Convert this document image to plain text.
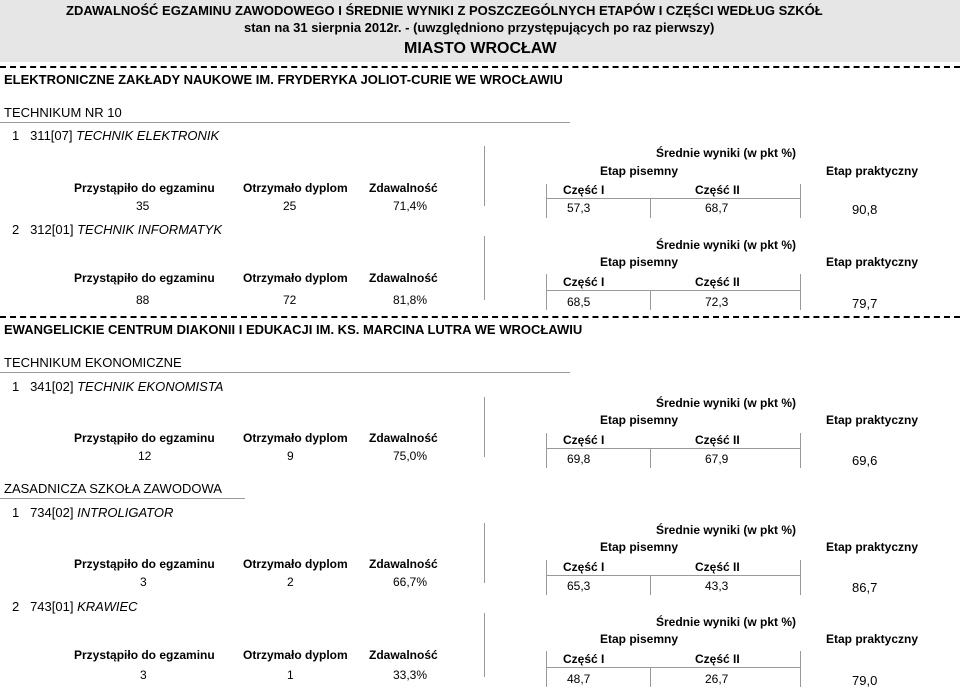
ZDAWALNOŚĆ EGZAMINU ZAWODOWEGO I ŚREDNIE WYNIKI Z POSZCZEGÓLNYCH ETAPÓW I CZĘŚCI WEDŁUG SZKÓŁ
stan na 31 sierpnia 2012r. - (uwzględniono przystępujących po raz pierwszy)
MIASTO WROCŁAW
ELEKTRONICZNE ZAKŁADY NAUKOWE IM. FRYDERYKA JOLIOT-CURIE WE WROCŁAWIU
TECHNIKUM NR 10
EWANGELICKIE CENTRUM DIAKONII I EDUKACJI IM. KS. MARCINA LUTRA WE WROCŁAWIU
TECHNIKUM EKONOMICZNE
ZASADNICZA SZKOŁA ZAWODOWA
1 311[07] TECHNIK ELEKTRONIK
Średnie wyniki (w pkt %)
Etap pisemny	Etap praktyczny
Przystąpiło do egzaminu Otrzymało dyplom Zdawalność	Część I	Część II
35	25	71,4%	57,3	68,7	90,8
2 312[01] TECHNIK INFORMATYK
Średnie wyniki (w pkt %)
Etap pisemny	Etap praktyczny
Przystąpiło do egzaminu Otrzymało dyplom Zdawalność	Część I	Część II
88	72	81,8%	68,5	72,3	79,7
1 341[02] TECHNIK EKONOMISTA
Średnie wyniki (w pkt %)
Etap pisemny	Etap praktyczny
Przystąpiło do egzaminu Otrzymało dyplom Zdawalność	Część I	Część II
12	9	75,0%	69,8	67,9	69,6
1 734[02] INTROLIGATOR
Średnie wyniki (w pkt %)
Etap pisemny	Etap praktyczny
Przystąpiło do egzaminu Otrzymało dyplom Zdawalność	Część I	Część II
3	2	66,7%	65,3	43,3	86,7
2 743[01] KRAWIEC
Średnie wyniki (w pkt %)
Etap pisemny	Etap praktyczny
Przystąpiło do egzaminu Otrzymało dyplom Zdawalność	Część I	Część II
3	1	33,3%	48,7	26,7	79,0
